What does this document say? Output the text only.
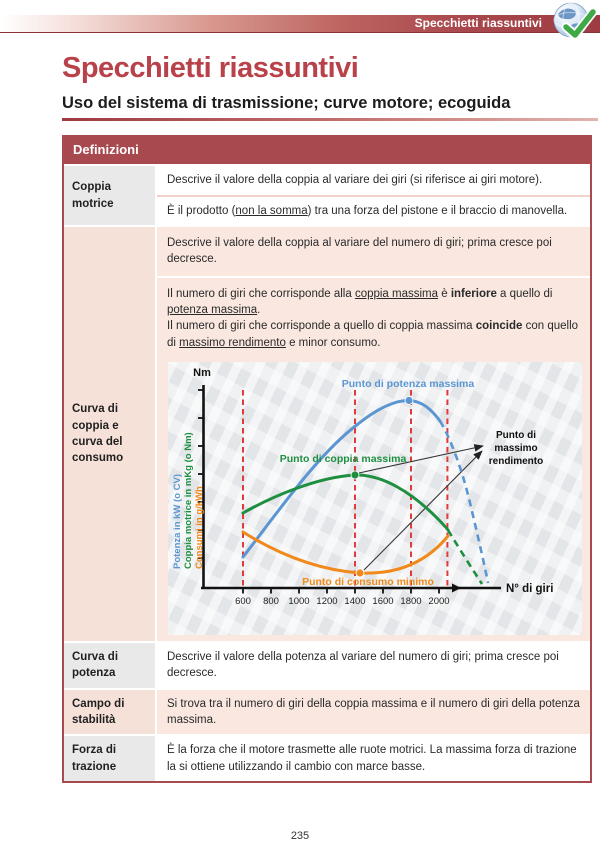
Specchietti riassuntivi
Specchietti riassuntivi
Uso del sistema di trasmissione; curve motore; ecoguida
Definizioni
Coppia motrice
Descrive il valore della coppia al variare dei giri (si riferisce ai giri motore).
È il prodotto (non la somma) tra una forza del pistone e il braccio di manovella.
Curva di coppia e curva del consumo
Descrive il valore della coppia al variare del numero di giri; prima cresce poi decresce.
Il numero di giri che corrisponde alla coppia massima è inferiore a quello di potenza massima.
Il numero di giri che corrisponde a quello di coppia massima coincide con quello di massimo rendimento e minor consumo.
600 800 1000 1200 1400 1600 1800 2000
Punto di potenza massima
Punto di coppia massima
Punto di consumo minimo
Punto di
massimo
rendimento
Nm
N° di giri
Potenza in kW (o CV) Coppia motrice in mKg (o Nm) Consumi in g/kWh
Curva di potenza
Descrive il valore della potenza al variare del numero di giri; prima cresce poi decresce.
Campo di stabilità
Si trova tra il numero di giri della coppia massima e il numero di giri della potenza massima.
Forza di trazione
È la forza che il motore trasmette alle ruote motrici. La massima forza di trazione la si ottiene utilizzando il cambio con marce basse.
235
